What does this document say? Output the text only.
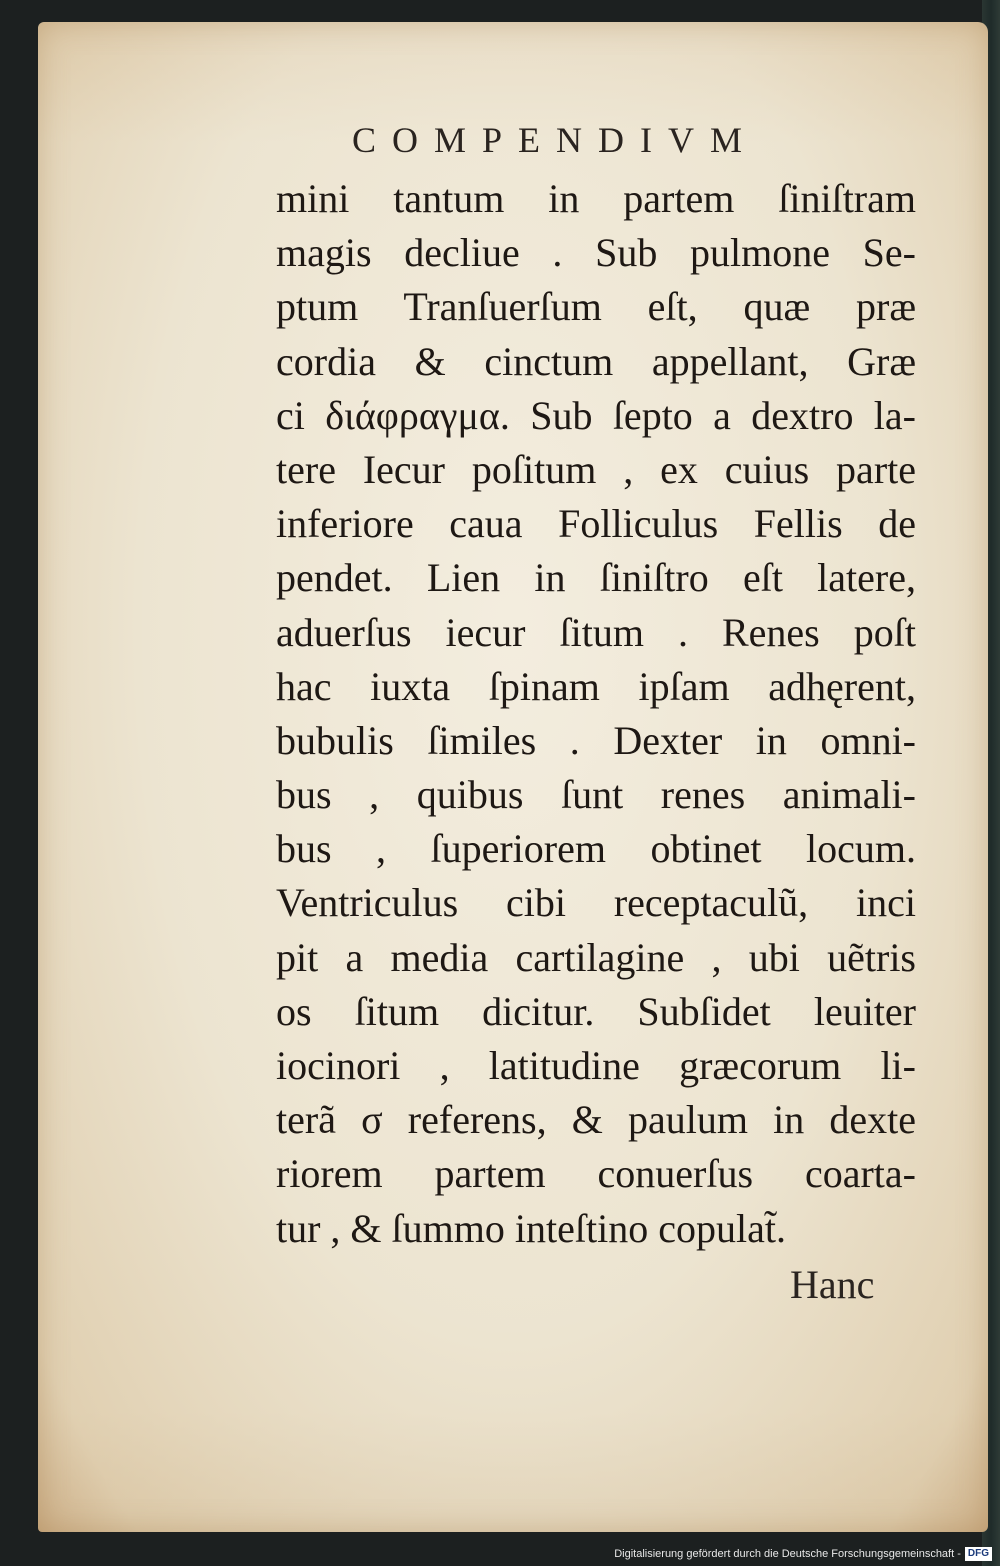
COMPENDIVM
mini tantum in partem ſiniſtram
magis decliue . Sub pulmone Se-
ptum Tranſuerſum eſt, quæ præ
cordia & cinctum appellant, Græ
ci διάφραγμα. Sub ſepto a dextro la-
tere Iecur poſitum , ex cuius parte
inferiore caua Folliculus Fellis de
pendet. Lien in ſiniſtro eſt latere,
aduerſus iecur ſitum . Renes poſt
hac iuxta ſpinam ipſam adhęrent,
bubulis ſimiles . Dexter in omni-
bus , quibus ſunt renes animali-
bus , ſuperiorem obtinet locum.
Ventriculus cibi receptaculũ, inci
pit a media cartilagine , ubi uẽtris
os ſitum dicitur. Subſidet leuiter
iocinori , latitudine græcorum li-
terã σ referens, & paulum in dexte
riorem partem conuerſus coarta-
tur , & ſummo inteſtino copulat̃.

Hanc

Digitalisierung gefördert durch die Deutsche Forschungsgemeinschaft - DFG
